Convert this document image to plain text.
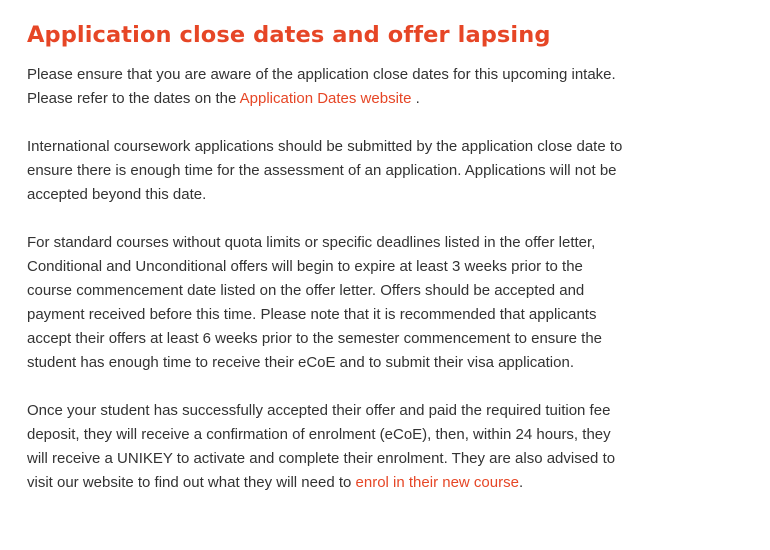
Application close dates and offer lapsing

Please ensure that you are aware of the application close dates for this upcoming intake.
Please refer to the dates on the Application Dates website .

International coursework applications should be submitted by the application close date to
ensure there is enough time for the assessment of an application. Applications will not be
accepted beyond this date.

For standard courses without quota limits or specific deadlines listed in the offer letter,
Conditional and Unconditional offers will begin to expire at least 3 weeks prior to the
course commencement date listed on the offer letter. Offers should be accepted and
payment received before this time. Please note that it is recommended that applicants
accept their offers at least 6 weeks prior to the semester commencement to ensure the
student has enough time to receive their eCoE and to submit their visa application.

Once your student has successfully accepted their offer and paid the required tuition fee
deposit, they will receive a confirmation of enrolment (eCoE), then, within 24 hours, they
will receive a UNIKEY to activate and complete their enrolment. They are also advised to
visit our website to find out what they will need to enrol in their new course.
